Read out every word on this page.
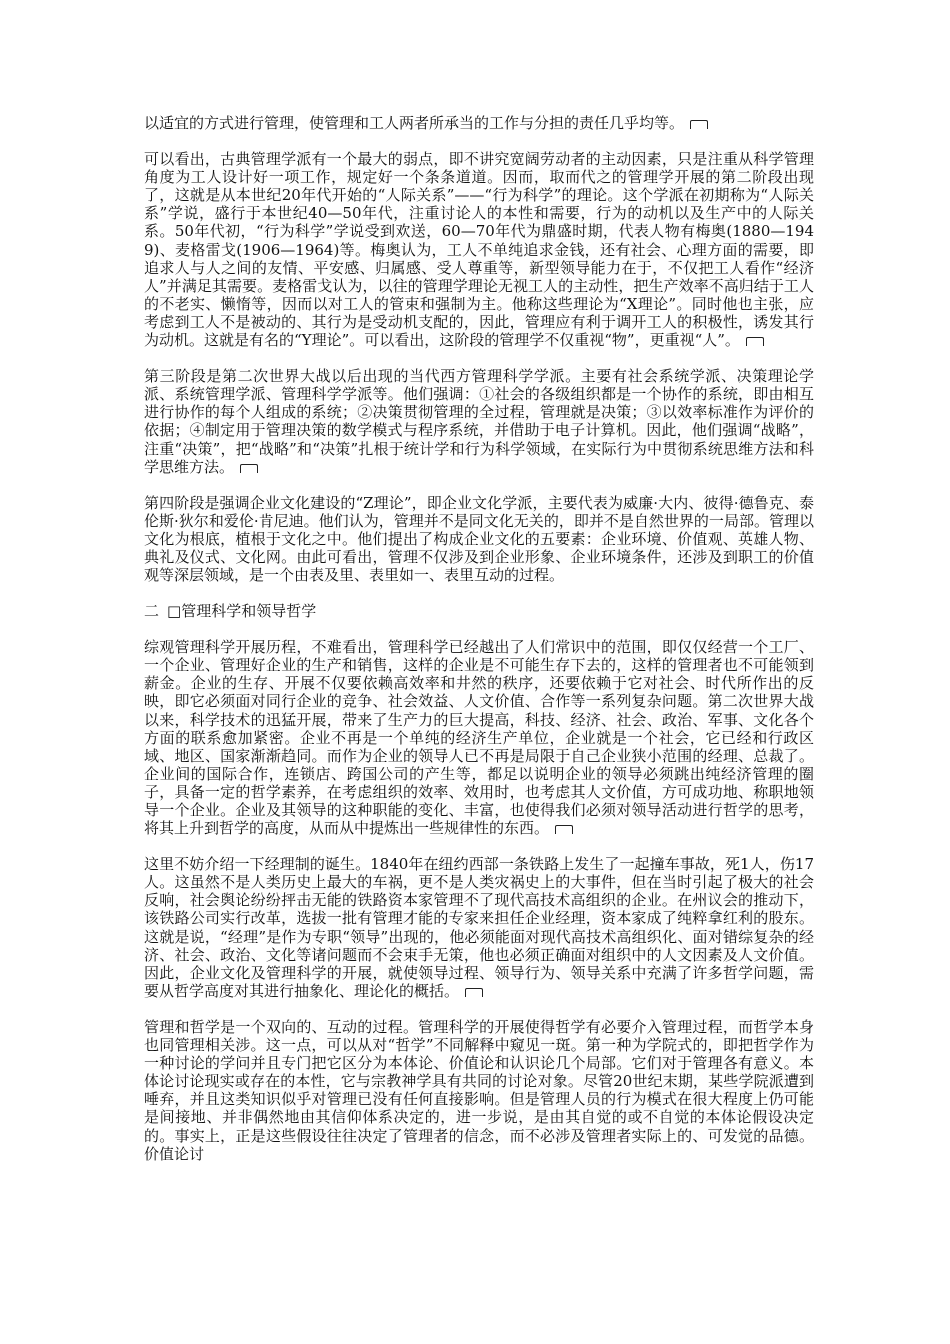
以适宜的方式进行管理，使管理和工人两者所承当的工作与分担的责任几乎均等。

可以看出，古典管理学派有一个最大的弱点，即不讲究宽阔劳动者的主动因素，只是注重从科学管理角度为工人设计好一项工作，规定好一个条条道道。因而，取而代之的管理学开展的第二阶段出现了，这就是从本世纪20年代开始的“人际关系”——“行为科学”的理论。这个学派在初期称为“人际关系”学说，盛行于本世纪40—50年代，注重讨论人的本性和需要，行为的动机以及生产中的人际关系。50年代初，“行为科学”学说受到欢送，60—70年代为鼎盛时期，代表人物有梅奥(1880—1949)、麦格雷戈(1906—1964)等。梅奥认为，工人不单纯追求金钱，还有社会、心理方面的需要，即追求人与人之间的友情、平安感、归属感、受人尊重等，新型领导能力在于，不仅把工人看作“经济人”并满足其需要。麦格雷戈认为，以往的管理学理论无视工人的主动性，把生产效率不高归结于工人的不老实、懒惰等，因而以对工人的管束和强制为主。他称这些理论为“X理论”。同时他也主张，应考虑到工人不是被动的、其行为是受动机支配的，因此，管理应有利于调开工人的积极性，诱发其行为动机。这就是有名的“Y理论”。可以看出，这阶段的管理学不仅重视“物”，更重视“人”。

第三阶段是第二次世界大战以后出现的当代西方管理科学学派。主要有社会系统学派、决策理论学派、系统管理学派、管理科学学派等。他们强调：①社会的各级组织都是一个协作的系统，即由相互进行协作的每个人组成的系统；②决策贯彻管理的全过程，管理就是决策；③以效率标准作为评价的依据；④制定用于管理决策的数学模式与程序系统，并借助于电子计算机。因此，他们强调“战略”，注重“决策”，把“战略”和“决策”扎根于统计学和行为科学领域，在实际行为中贯彻系统思维方法和科学思维方法。

第四阶段是强调企业文化建设的“Z理论”，即企业文化学派，主要代表为威廉·大内、彼得·德鲁克、泰伦斯·狄尔和爱伦·肯尼迪。他们认为，管理并不是同文化无关的，即并不是自然世界的一局部。管理以文化为根底，植根于文化之中。他们提出了构成企业文化的五要素：企业环境、价值观、英雄人物、典礼及仪式、文化网。由此可看出，管理不仅涉及到企业形象、企业环境条件，还涉及到职工的价值观等深层领域，是一个由表及里、表里如一、表里互动的过程。

二 □管理科学和领导哲学

综观管理科学开展历程，不难看出，管理科学已经越出了人们常识中的范围，即仅仅经营一个工厂、一个企业、管理好企业的生产和销售，这样的企业是不可能生存下去的，这样的管理者也不可能领到薪金。企业的生存、开展不仅要依赖高效率和井然的秩序，还要依赖于它对社会、时代所作出的反映，即它必须面对同行企业的竞争、社会效益、人文价值、合作等一系列复杂问题。第二次世界大战以来，科学技术的迅猛开展，带来了生产力的巨大提高，科技、经济、社会、政治、军事、文化各个方面的联系愈加紧密。企业不再是一个单纯的经济生产单位，企业就是一个社会，它已经和行政区域、地区、国家渐渐趋同。而作为企业的领导人已不再是局限于自己企业狭小范围的经理、总裁了。企业间的国际合作，连锁店、跨国公司的产生等，都足以说明企业的领导必须跳出纯经济管理的圈子，具备一定的哲学素养，在考虑组织的效率、效用时，也考虑其人文价值，方可成功地、称职地领导一个企业。企业及其领导的这种职能的变化、丰富，也使得我们必须对领导活动进行哲学的思考，将其上升到哲学的高度，从而从中提炼出一些规律性的东西。

这里不妨介绍一下经理制的诞生。1840年在纽约西部一条铁路上发生了一起撞车事故，死1人，伤17人。这虽然不是人类历史上最大的车祸，更不是人类灾祸史上的大事件，但在当时引起了极大的社会反响，社会舆论纷纷抨击无能的铁路资本家管理不了现代高技术高组织的企业。在州议会的推动下，该铁路公司实行改革，选拔一批有管理才能的专家来担任企业经理，资本家成了纯粹拿红利的股东。这就是说，“经理”是作为专职“领导”出现的，他必须能面对现代高技术高组织化、面对错综复杂的经济、社会、政治、文化等诸问题而不会束手无策，他也必须正确面对组织中的人文因素及人文价值。因此，企业文化及管理科学的开展，就使领导过程、领导行为、领导关系中充满了许多哲学问题，需要从哲学高度对其进行抽象化、理论化的概括。

管理和哲学是一个双向的、互动的过程。管理科学的开展使得哲学有必要介入管理过程，而哲学本身也同管理相关涉。这一点，可以从对“哲学”不同解释中窥见一斑。第一种为学院式的，即把哲学作为一种讨论的学问并且专门把它区分为本体论、价值论和认识论几个局部。它们对于管理各有意义。本体论讨论现实或存在的本性，它与宗教神学具有共同的讨论对象。尽管20世纪末期，某些学院派遭到唾弃，并且这类知识似乎对管理已没有任何直接影响。但是管理人员的行为模式在很大程度上仍可能是间接地、并非偶然地由其信仰体系决定的，进一步说，是由其自觉的或不自觉的本体论假设决定的。事实上，正是这些假设往往决定了管理者的信念，而不必涉及管理者实际上的、可发觉的品德。价值论讨
